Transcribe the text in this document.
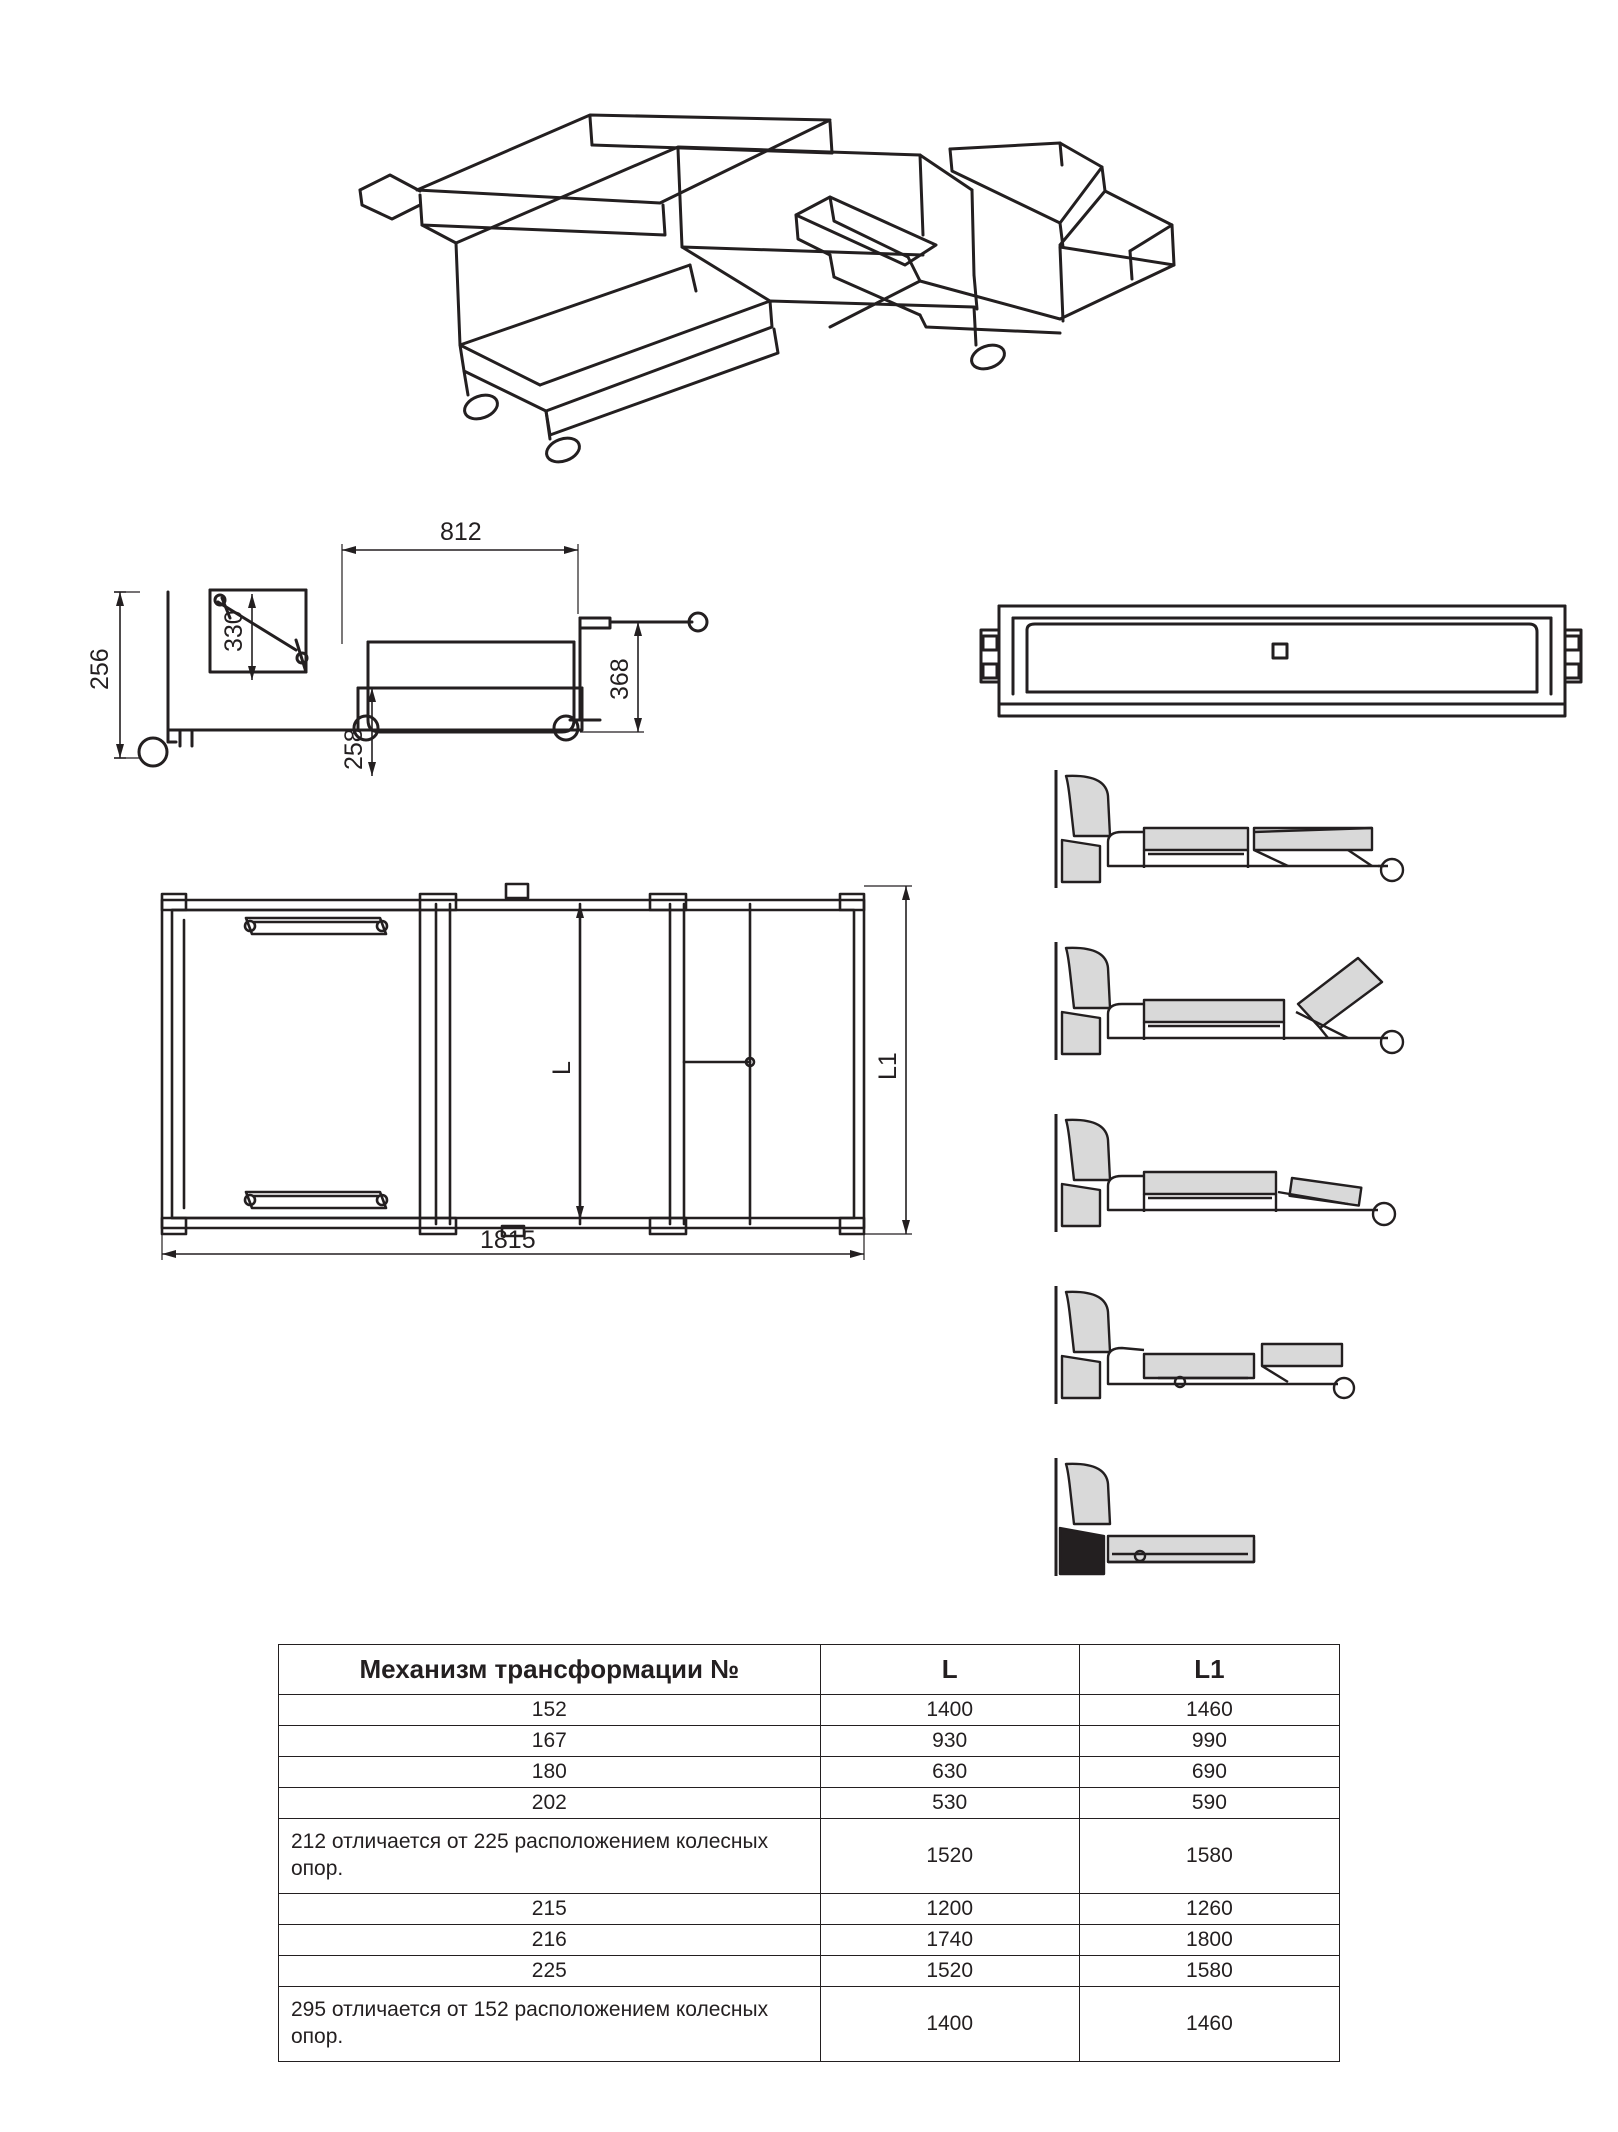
256
330
368
258
812
L	L1
1815
Механизм трансформации №	L	L1
152	1400	1460
167	930	990
180	630	690
202	530	590
212 отличается от 225 расположением колесных опор.	1520	1580
215	1200	1260
216	1740	1800
225	1520	1580
295 отличается от 152 расположением колесных опор.	1400	1460
